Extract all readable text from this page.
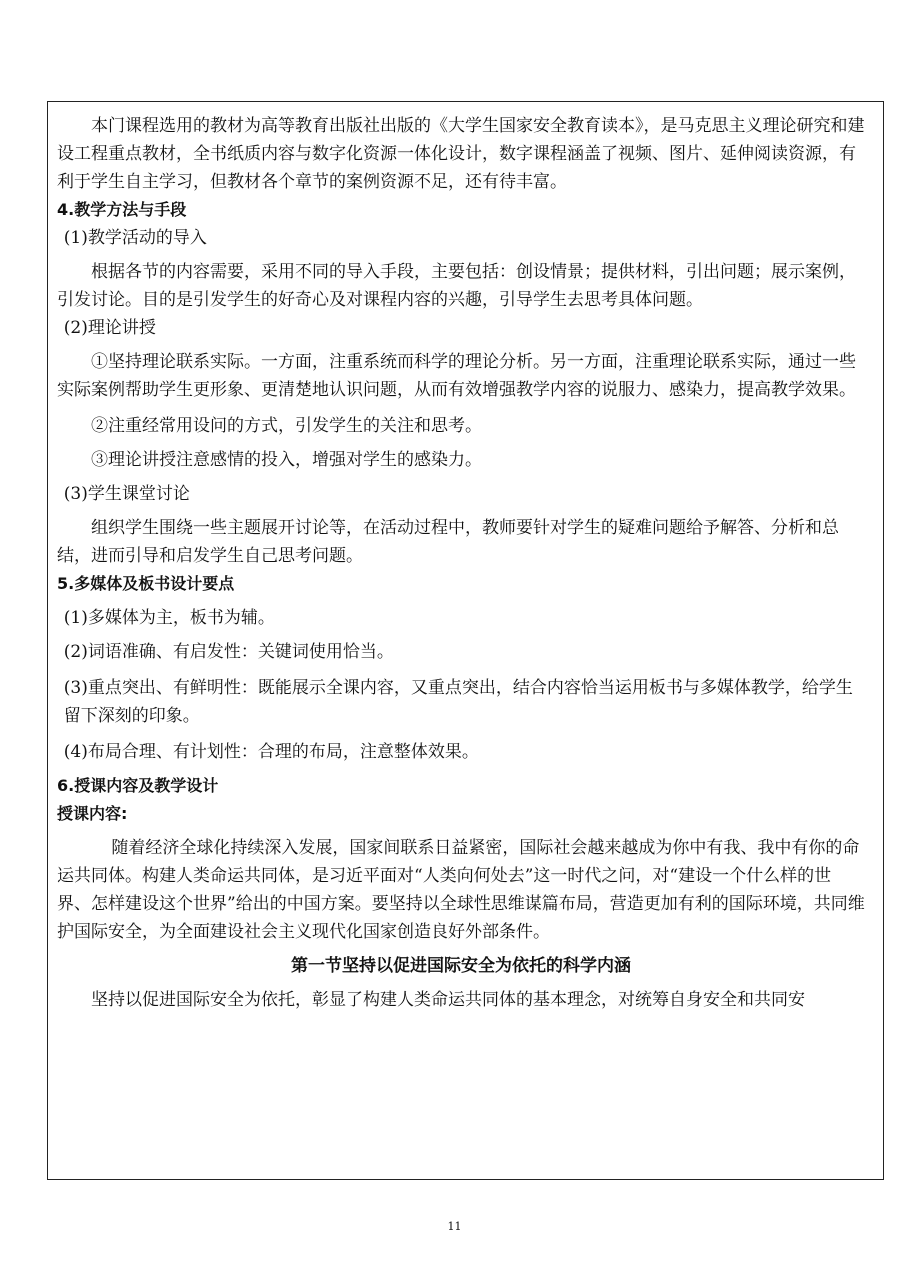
本门课程选用的教材为高等教育出版社出版的《大学生国家安全教育读本》，是马克思主义理论研究和建设工程重点教材，全书纸质内容与数字化资源一体化设计，数字课程涵盖了视频、图片、延伸阅读资源，有利于学生自主学习，但教材各个章节的案例资源不足，还有待丰富。

4.教学方法与手段

(1)教学活动的导入

根据各节的内容需要，采用不同的导入手段，主要包括：创设情景；提供材料，引出问题；展示案例，引发讨论。目的是引发学生的好奇心及对课程内容的兴趣，引导学生去思考具体问题。

(2)理论讲授

①坚持理论联系实际。一方面，注重系统而科学的理论分析。另一方面，注重理论联系实际，通过一些实际案例帮助学生更形象、更清楚地认识问题，从而有效增强教学内容的说服力、感染力，提高教学效果。

②注重经常用设问的方式，引发学生的关注和思考。

③理论讲授注意感情的投入，增强对学生的感染力。

(3)学生课堂讨论

组织学生围绕一些主题展开讨论等，在活动过程中，教师要针对学生的疑难问题给予解答、分析和总结，进而引导和启发学生自己思考问题。

5.多媒体及板书设计要点

(1)多媒体为主，板书为辅。

(2)词语准确、有启发性：关键词使用恰当。

(3)重点突出、有鲜明性：既能展示全课内容，又重点突出，结合内容恰当运用板书与多媒体教学，给学生留下深刻的印象。

(4)布局合理、有计划性：合理的布局，注意整体效果。

6.授课内容及教学设计

授课内容:

随着经济全球化持续深入发展，国家间联系日益紧密，国际社会越来越成为你中有我、我中有你的命运共同体。构建人类命运共同体，是习近平面对“人类向何处去”这一时代之问，对“建设一个什么样的世界、怎样建设这个世界”给出的中国方案。要坚持以全球性思维谋篇布局，营造更加有利的国际环境，共同维护国际安全，为全面建设社会主义现代化国家创造良好外部条件。

第一节坚持以促进国际安全为依托的科学内涵

坚持以促进国际安全为依托，彰显了构建人类命运共同体的基本理念，对统筹自身安全和共同安

11
